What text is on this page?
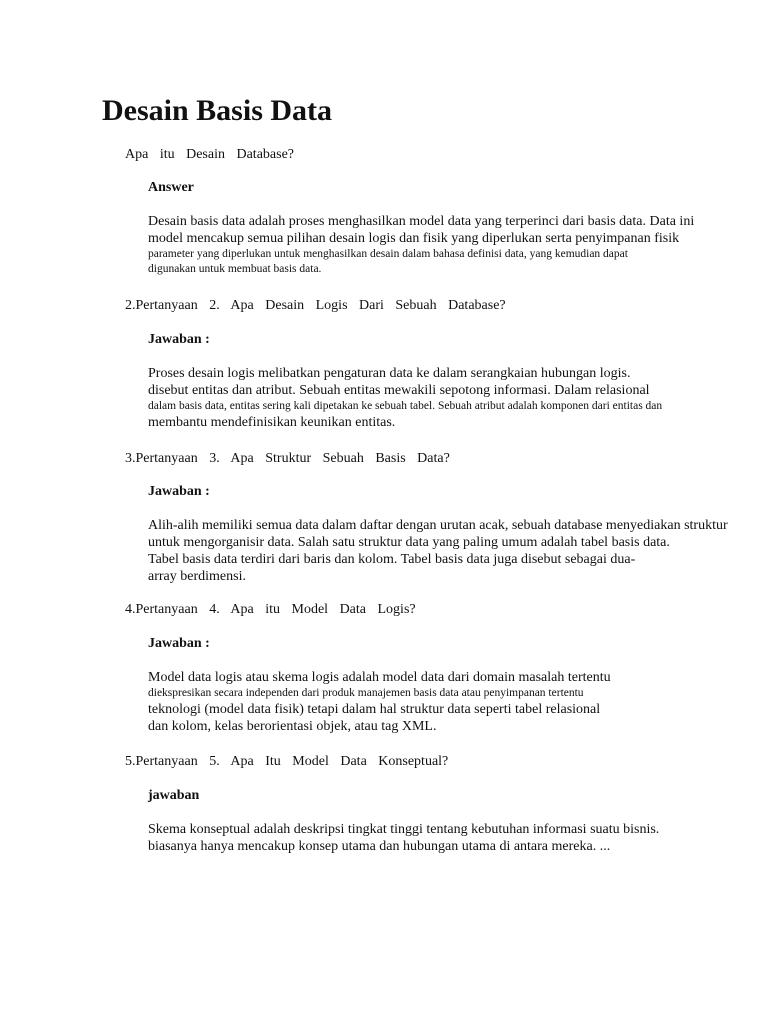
Desain Basis Data
Apa itu Desain Database?
Answer
Desain basis data adalah proses menghasilkan model data yang terperinci dari basis data. Data ini
model mencakup semua pilihan desain logis dan fisik yang diperlukan serta penyimpanan fisik
parameter yang diperlukan untuk menghasilkan desain dalam bahasa definisi data, yang kemudian dapat
digunakan untuk membuat basis data.
2.Pertanyaan 2. Apa Desain Logis Dari Sebuah Database?
Jawaban :
Proses desain logis melibatkan pengaturan data ke dalam serangkaian hubungan logis.
disebut entitas dan atribut. Sebuah entitas mewakili sepotong informasi. Dalam relasional
dalam basis data, entitas sering kali dipetakan ke sebuah tabel. Sebuah atribut adalah komponen dari entitas dan
membantu mendefinisikan keunikan entitas.
3.Pertanyaan 3. Apa Struktur Sebuah Basis Data?
Jawaban :
Alih-alih memiliki semua data dalam daftar dengan urutan acak, sebuah database menyediakan struktur
untuk mengorganisir data. Salah satu struktur data yang paling umum adalah tabel basis data.
Tabel basis data terdiri dari baris dan kolom. Tabel basis data juga disebut sebagai dua-
array berdimensi.
4.Pertanyaan 4. Apa itu Model Data Logis?
Jawaban :
Model data logis atau skema logis adalah model data dari domain masalah tertentu
diekspresikan secara independen dari produk manajemen basis data atau penyimpanan tertentu
teknologi (model data fisik) tetapi dalam hal struktur data seperti tabel relasional
dan kolom, kelas berorientasi objek, atau tag XML.
5.Pertanyaan 5. Apa Itu Model Data Konseptual?
jawaban
Skema konseptual adalah deskripsi tingkat tinggi tentang kebutuhan informasi suatu bisnis.
biasanya hanya mencakup konsep utama dan hubungan utama di antara mereka. ...
